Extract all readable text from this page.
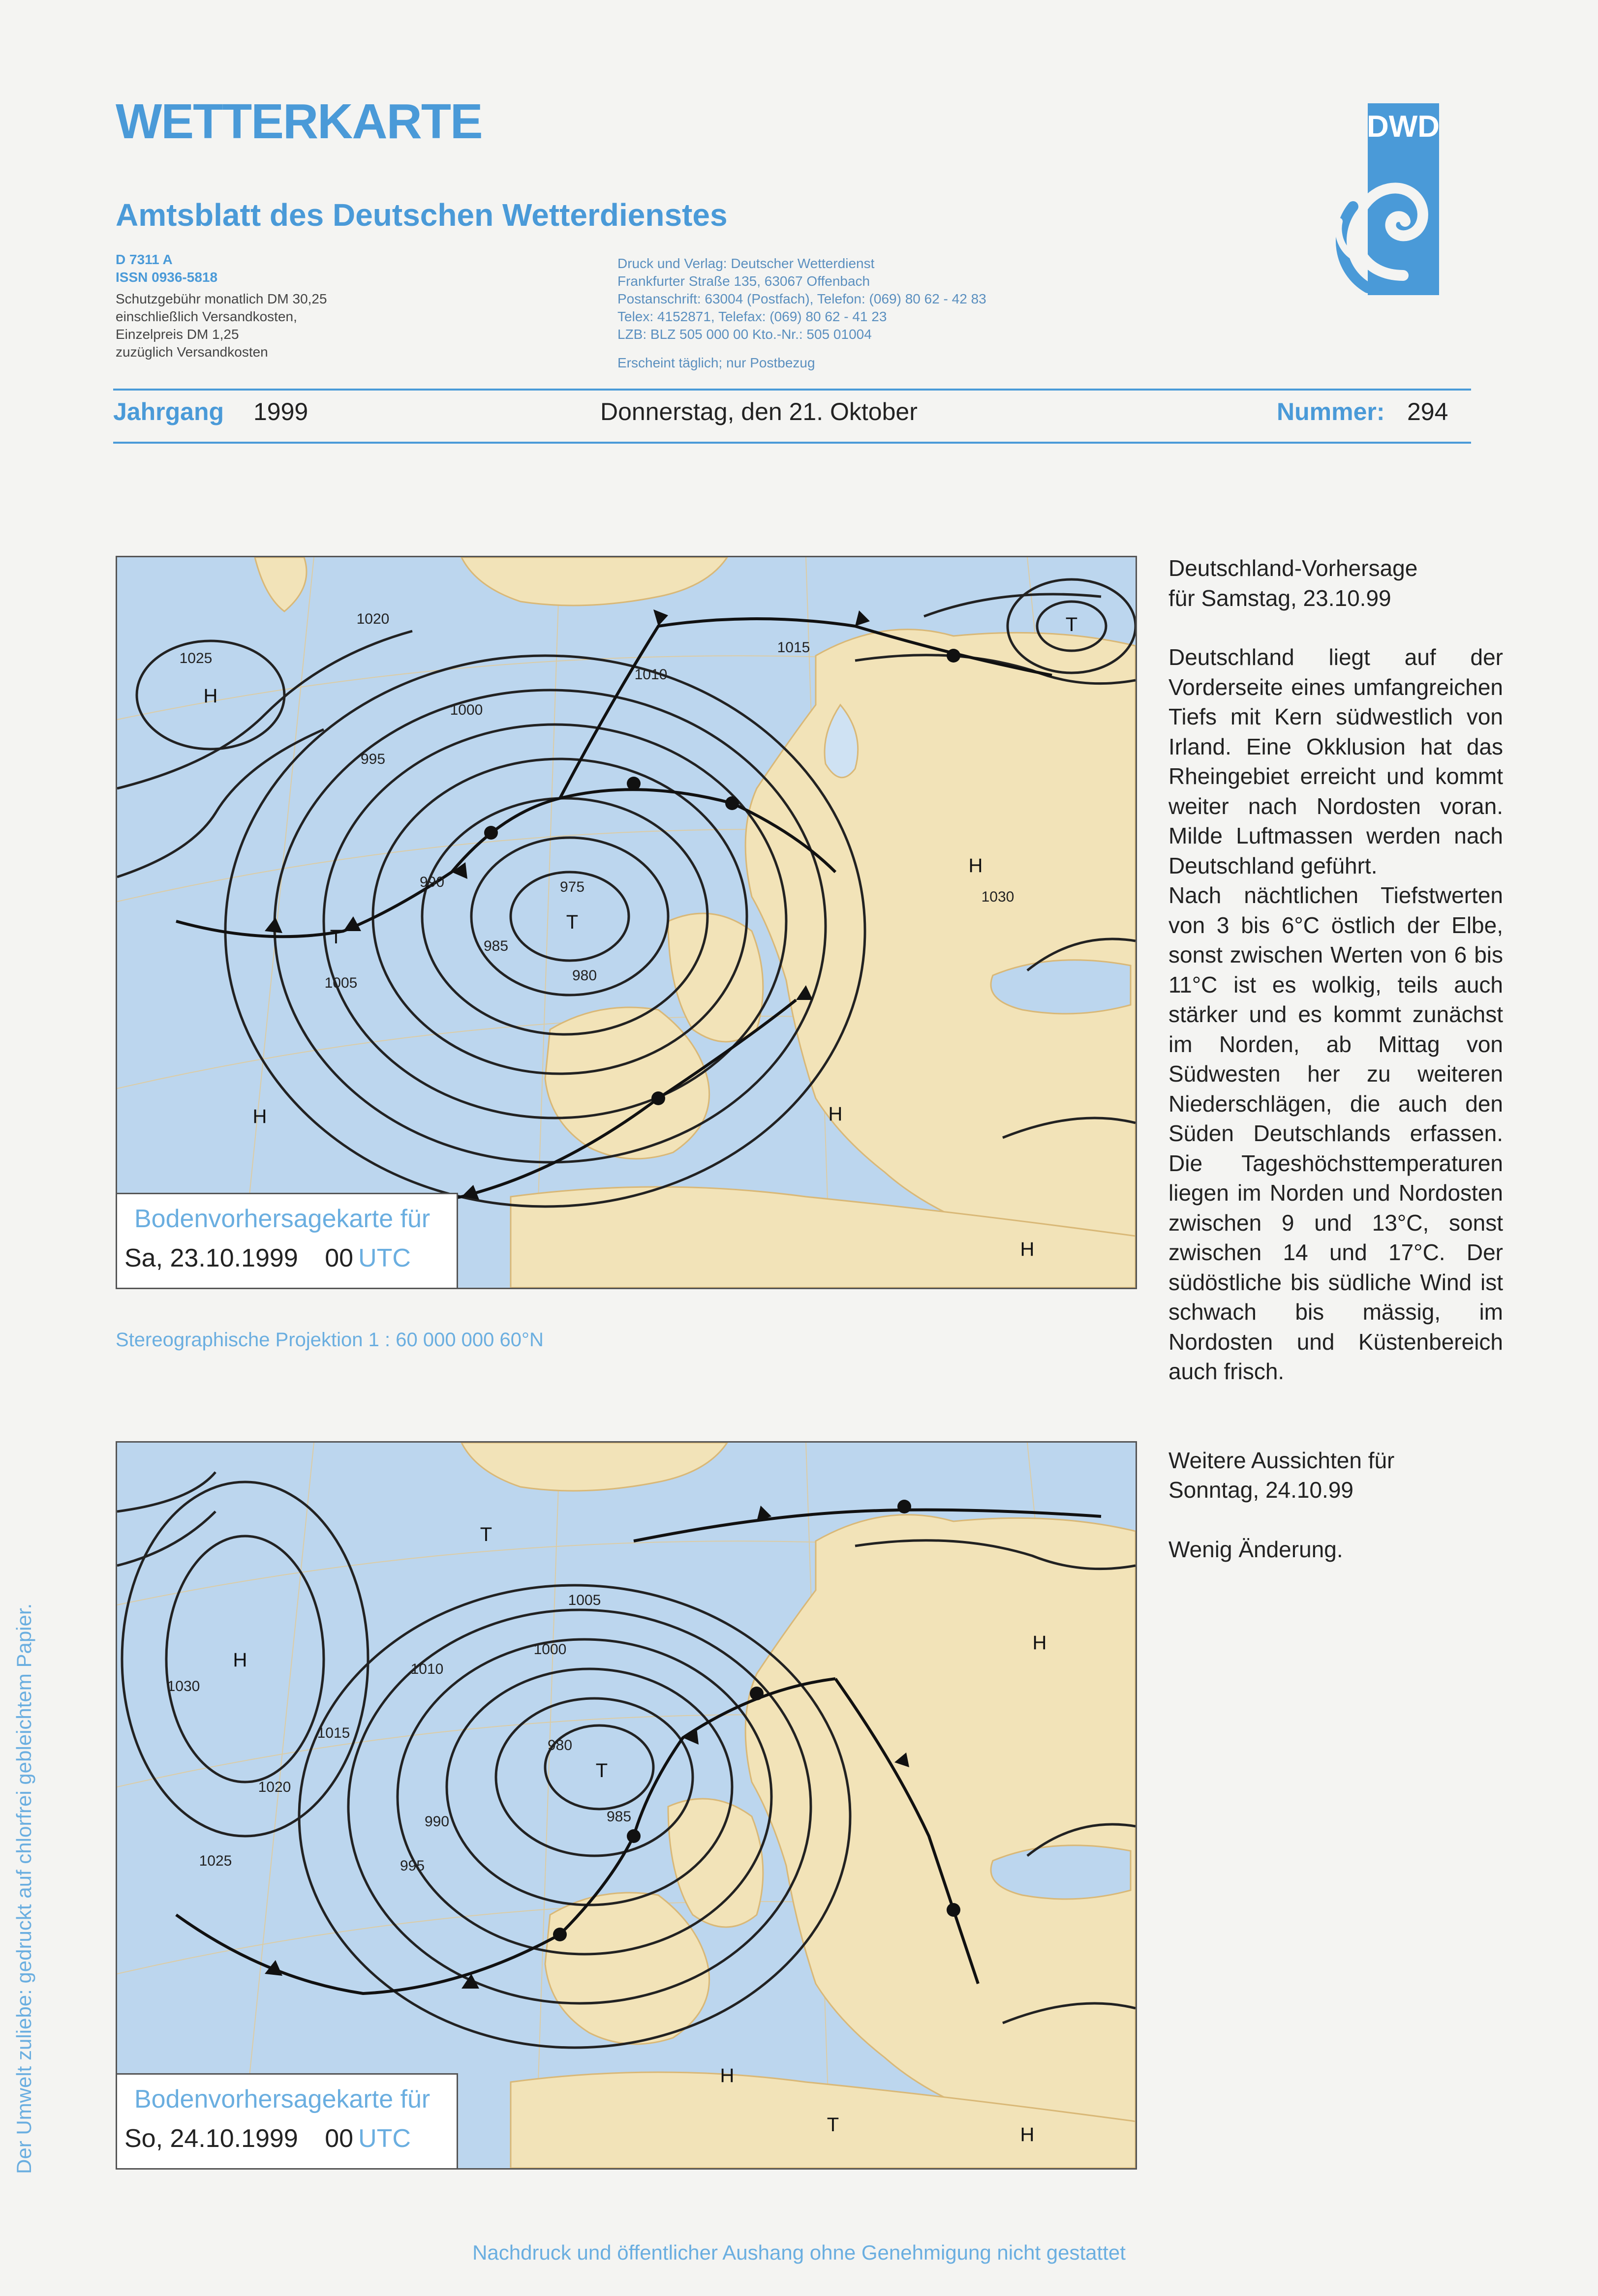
WETTERKARTE
Amtsblatt des Deutschen Wetterdienstes
D 7311 A
ISSN 0936-5818
Schutzgebühr monatlich DM 30,25
einschließlich Versandkosten,
Einzelpreis DM 1,25
zuzüglich Versandkosten
Druck und Verlag: Deutscher Wetterdienst
Frankfurter Straße 135, 63067 Offenbach
Postanschrift: 63004 (Postfach), Telefon: (069) 80 62 - 42 83
Telex: 4152871, Telefax: (069) 80 62 - 41 23
LZB: BLZ 505 000 00 Kto.-Nr.: 505 01004
Erscheint täglich; nur Postbezug
DWD
Jahrgang 1999	Donnerstag, den 21. Oktober	Nummer: 294
975
980
985
990
995
1000
1005
1010
1015
1020
1025
1030
H
H
H
H
H
T
T
T
Bodenvorhersagekarte für
Sa, 23.10.1999 00 UTC
Stereographische Projektion 1 : 60 000 000 60°N
980
985
990
995
1000
1005
1010
1015
1020
1025
1030
H
H
H
H
T
T
T
Bodenvorhersagekarte für
So, 24.10.1999 00 UTC

Deutschland-Vorhersage

für Samstag, 23.10.99

Deutschland liegt auf der Vorderseite eines umfangreichen Tiefs mit Kern südwestlich von Irland. Eine Okklusion hat das Rheingebiet erreicht und kommt weiter nach Nordosten voran. Milde Luftmassen werden nach Deutschland geführt.

Nach nächtlichen Tiefstwerten von 3 bis 6°C östlich der Elbe, sonst zwischen Werten von 6 bis 11°C ist es wolkig, teils auch stärker und es kommt zunächst im Norden, ab Mittag von Südwesten her zu weiteren Niederschlägen, die auch den Süden Deutschlands erfassen. Die Tageshöchsttemperaturen liegen im Norden und Nordosten zwischen 9 und 13°C, sonst zwischen 14 und 17°C. Der südöstliche bis südliche Wind ist schwach bis mässig, im Nordosten und Küstenbereich auch frisch.

Weitere Aussichten für

Sonntag, 24.10.99

Wenig Änderung.

Der Umwelt zuliebe: gedruckt auf chlorfrei gebleichtem Papier.
Nachdruck und öffentlicher Aushang ohne Genehmigung nicht gestattet
